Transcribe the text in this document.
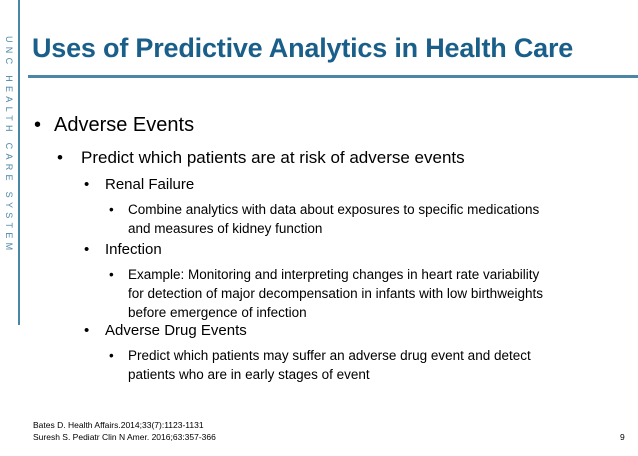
UNC HEALTH CARE SYSTEM Uses of Predictive Analytics in Health Care
• Adverse Events
• Predict which patients are at risk of adverse events
• Renal Failure
• Combine analytics with data about exposures to specific medications
and measures of kidney function
• Infection
• Example: Monitoring and interpreting changes in heart rate variability
for detection of major decompensation in infants with low birthweights
before emergence of infection
• Adverse Drug Events
• Predict which patients may suffer an adverse drug event and detect
patients who are in early stages of event
Bates D. Health Affairs.2014;33(7):1123-1131
Suresh S. Pediatr Clin N Amer. 2016;63:357-366	9
